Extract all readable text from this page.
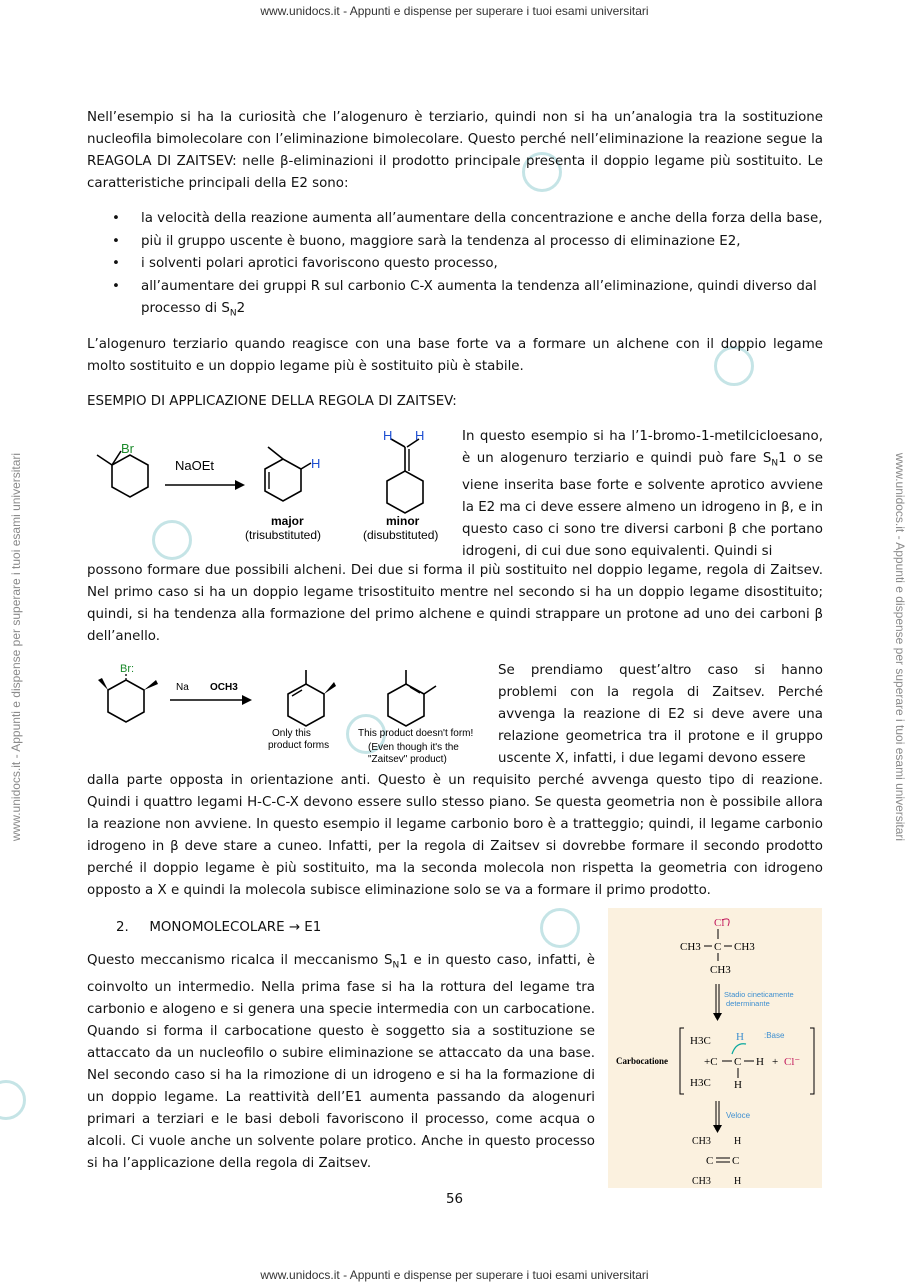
www.unidocs.it - Appunti e dispense per superare i tuoi esami universitari
www.unidocs.it - Appunti e dispense per superare i tuoi esami universitari
www.unidocs.it - Appunti e dispense per superare i tuoi esami universitari	www.unidocs.it - Appunti e dispense per superare i tuoi esami universitari

Nell’esempio si ha la curiosità che l’alogenuro è terziario, quindi non si ha un’analogia tra la sostituzione nucleofila bimolecolare con l’eliminazione bimolecolare. Questo perché nell’eliminazione la reazione segue la REAGOLA DI ZAITSEV: nelle β-eliminazioni il prodotto principale presenta il doppio legame più sostituito. Le caratteristiche principali della E2 sono:

• la velocità della reazione aumenta all’aumentare della concentrazione e anche della forza della base,
• più il gruppo uscente è buono, maggiore sarà la tendenza al processo di eliminazione E2,
• i solventi polari aprotici favoriscono questo processo,
• all’aumentare dei gruppi R sul carbonio C-X aumenta la tendenza all’eliminazione, quindi diverso dal processo di $S_N2$

L’alogenuro terziario quando reagisce con una base forte va a formare un alchene con il doppio legame molto sostituito e un doppio legame più è sostituito più è stabile.

ESEMPIO DI APPLICAZIONE DELLA REGOLA DI ZAITSEV:
Br
NaOEt	H
major
(trisubstituted)
H H
minor
(disubstituted)

In questo esempio si ha l’1-bromo-1-metilcicloesano, è un alogenuro terziario e quindi può fare $S_N1$ o se viene inserita base forte e solvente aprotico avviene la E2 ma ci deve essere almeno un idrogeno in β, e in questo caso ci sono tre diversi carboni β che portano idrogeni, di cui due sono equivalenti. Quindi si

possono formare due possibili alcheni. Dei due si forma il più sostituito nel doppio legame, regola di Zaitsev. Nel primo caso si ha un doppio legame trisostituito mentre nel secondo si ha un doppio legame disostituito; quindi, si ha tendenza alla formazione del primo alchene e quindi strappare un protone ad uno dei carboni β dell’anello.

Br:
Na OCH3
Only this
product forms
This product doesn't form!
(Even though it's the
"Zaitsev" product)

Se prendiamo quest’altro caso si hanno problemi con la regola di Zaitsev. Perché avvenga la reazione di E2 si deve avere una relazione geometrica tra il protone e il gruppo uscente X, infatti, i due legami devono essere

dalla parte opposta in orientazione anti. Questo è un requisito perché avvenga questo tipo di reazione. Quindi i quattro legami H-C-C-X devono essere sullo stesso piano. Se questa geometria non è possibile allora la reazione non avviene. In questo esempio il legame carbonio boro è a tratteggio; quindi, il legame carbonio idrogeno in β deve stare a cuneo. Infatti, per la regola di Zaitsev si dovrebbe formare il secondo prodotto perché il doppio legame è più sostituito, ma la seconda molecola non rispetta la geometria con idrogeno opposto a X e quindi la molecola subisce eliminazione solo se va a formare il primo prodotto.

2. MONOMOLECOLARE → E1

Questo meccanismo ricalca il meccanismo $S_N1$ e in questo caso, infatti, è coinvolto un intermedio. Nella prima fase si ha la rottura del legame tra carbonio e alogeno e si genera una specie intermedia con un carbocatione. Quando si forma il carbocatione questo è soggetto sia a sostituzione se attaccato da un nucleofilo o subire eliminazione se attaccato da una base. Nel secondo caso si ha la rimozione di un idrogeno e si ha la formazione di un doppio legame. La reattività dell’E1 aumenta passando da alogenuri primari a terziari e le basi deboli favoriscono il processo, come acqua o alcoli. Ci vuole anche un solvente polare protico. Anche in questo processo si ha l’applicazione della regola di Zaitsev.

Cl
CH3 C CH3
CH3
Stadio cineticamente
determinante
Carbocatione
H3C H	:Base
+C C H + Cl⁻
H3C H
Veloce
CH3 H
C C
CH3 H
56
